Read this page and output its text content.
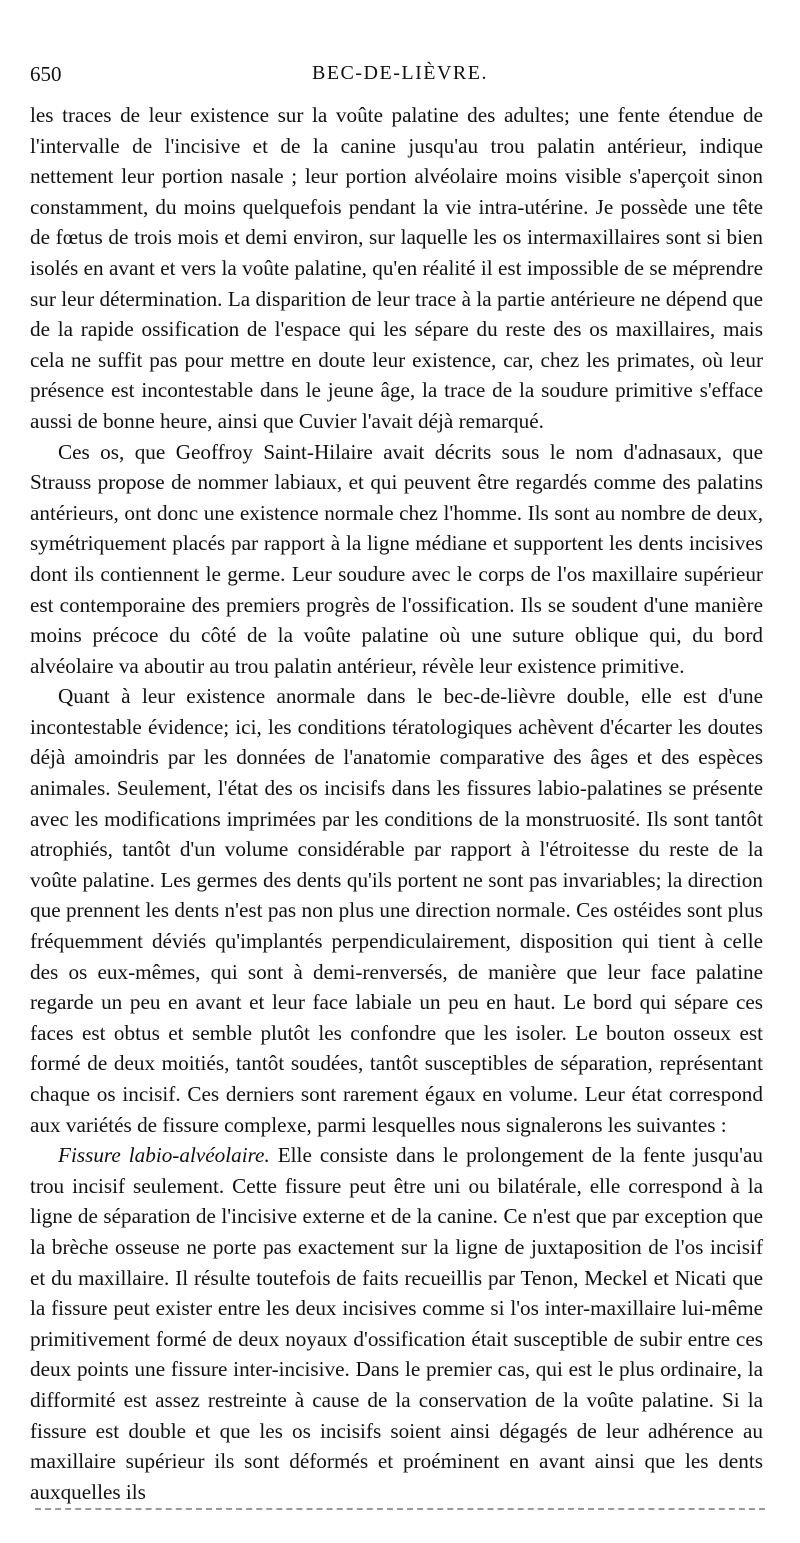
650	BEC-DE-LIÈVRE.

les traces de leur existence sur la voûte palatine des adultes; une fente étendue de l'intervalle de l'incisive et de la canine jusqu'au trou palatin antérieur, indique nettement leur portion nasale ; leur portion alvéolaire moins visible s'aperçoit sinon constamment, du moins quelquefois pendant la vie intra-utérine. Je possède une tête de fœtus de trois mois et demi environ, sur laquelle les os intermaxillaires sont si bien isolés en avant et vers la voûte palatine, qu'en réalité il est impossible de se méprendre sur leur détermination. La disparition de leur trace à la partie antérieure ne dépend que de la rapide ossification de l'espace qui les sépare du reste des os maxillaires, mais cela ne suffit pas pour mettre en doute leur existence, car, chez les primates, où leur présence est incontestable dans le jeune âge, la trace de la soudure primitive s'efface aussi de bonne heure, ainsi que Cuvier l'avait déjà remarqué.

Ces os, que Geoffroy Saint-Hilaire avait décrits sous le nom d'adnasaux, que Strauss propose de nommer labiaux, et qui peuvent être regardés comme des palatins antérieurs, ont donc une existence normale chez l'homme. Ils sont au nombre de deux, symétriquement placés par rapport à la ligne médiane et supportent les dents incisives dont ils contiennent le germe. Leur soudure avec le corps de l'os maxillaire supérieur est contemporaine des premiers progrès de l'ossification. Ils se soudent d'une manière moins précoce du côté de la voûte palatine où une suture oblique qui, du bord alvéolaire va aboutir au trou palatin antérieur, révèle leur existence primitive.

Quant à leur existence anormale dans le bec-de-lièvre double, elle est d'une incontestable évidence; ici, les conditions tératologiques achèvent d'écarter les doutes déjà amoindris par les données de l'anatomie comparative des âges et des espèces animales. Seulement, l'état des os incisifs dans les fissures labio-palatines se présente avec les modifications imprimées par les conditions de la monstruosité. Ils sont tantôt atrophiés, tantôt d'un volume considérable par rapport à l'étroitesse du reste de la voûte palatine. Les germes des dents qu'ils portent ne sont pas invariables; la direction que prennent les dents n'est pas non plus une direction normale. Ces ostéides sont plus fréquemment déviés qu'implantés perpendiculairement, disposition qui tient à celle des os eux-mêmes, qui sont à demi-renversés, de manière que leur face palatine regarde un peu en avant et leur face labiale un peu en haut. Le bord qui sépare ces faces est obtus et semble plutôt les confondre que les isoler. Le bouton osseux est formé de deux moitiés, tantôt soudées, tantôt susceptibles de séparation, représentant chaque os incisif. Ces derniers sont rarement égaux en volume. Leur état correspond aux variétés de fissure complexe, parmi lesquelles nous signalerons les suivantes :

Fissure labio-alvéolaire. Elle consiste dans le prolongement de la fente jusqu'au trou incisif seulement. Cette fissure peut être uni ou bilatérale, elle correspond à la ligne de séparation de l'incisive externe et de la canine. Ce n'est que par exception que la brèche osseuse ne porte pas exactement sur la ligne de juxtaposition de l'os incisif et du maxillaire. Il résulte toutefois de faits recueillis par Tenon, Meckel et Nicati que la fissure peut exister entre les deux incisives comme si l'os inter-maxillaire lui-même primitivement formé de deux noyaux d'ossification était susceptible de subir entre ces deux points une fissure inter-incisive. Dans le premier cas, qui est le plus ordinaire, la difformité est assez restreinte à cause de la conservation de la voûte palatine. Si la fissure est double et que les os incisifs soient ainsi dégagés de leur adhérence au maxillaire supérieur ils sont déformés et proéminent en avant ainsi que les dents auxquelles ils
